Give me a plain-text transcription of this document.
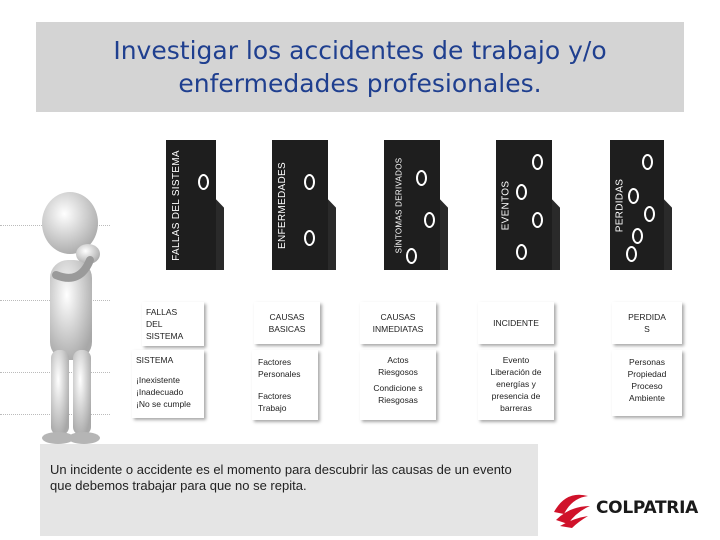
Investigar los accidentes de trabajo y/o enfermedades profesionales.
FALLAS DEL SISTEMA	ENFERMEDADES	SÍNTOMAS DERIVADOS	EVENTOS	PERDIDAS
FALLAS DEL SISTEMA
CAUSAS BASICAS
CAUSAS INMEDIATAS
INCIDENTE
PERDIDA S
SISTEMA
¡Inexistente
¡Inadecuado
¡No se cumple
Factores Personales
Factores Trabajo
Actos Riesgosos
Condicione s Riesgosas
Evento
Liberación de energías y presencia de barreras
Personas
Propiedad
Proceso
Ambiente
Un incidente o accidente es el momento para descubrir las causas de un evento que debemos trabajar para que no se repita.
COLPATRIA
